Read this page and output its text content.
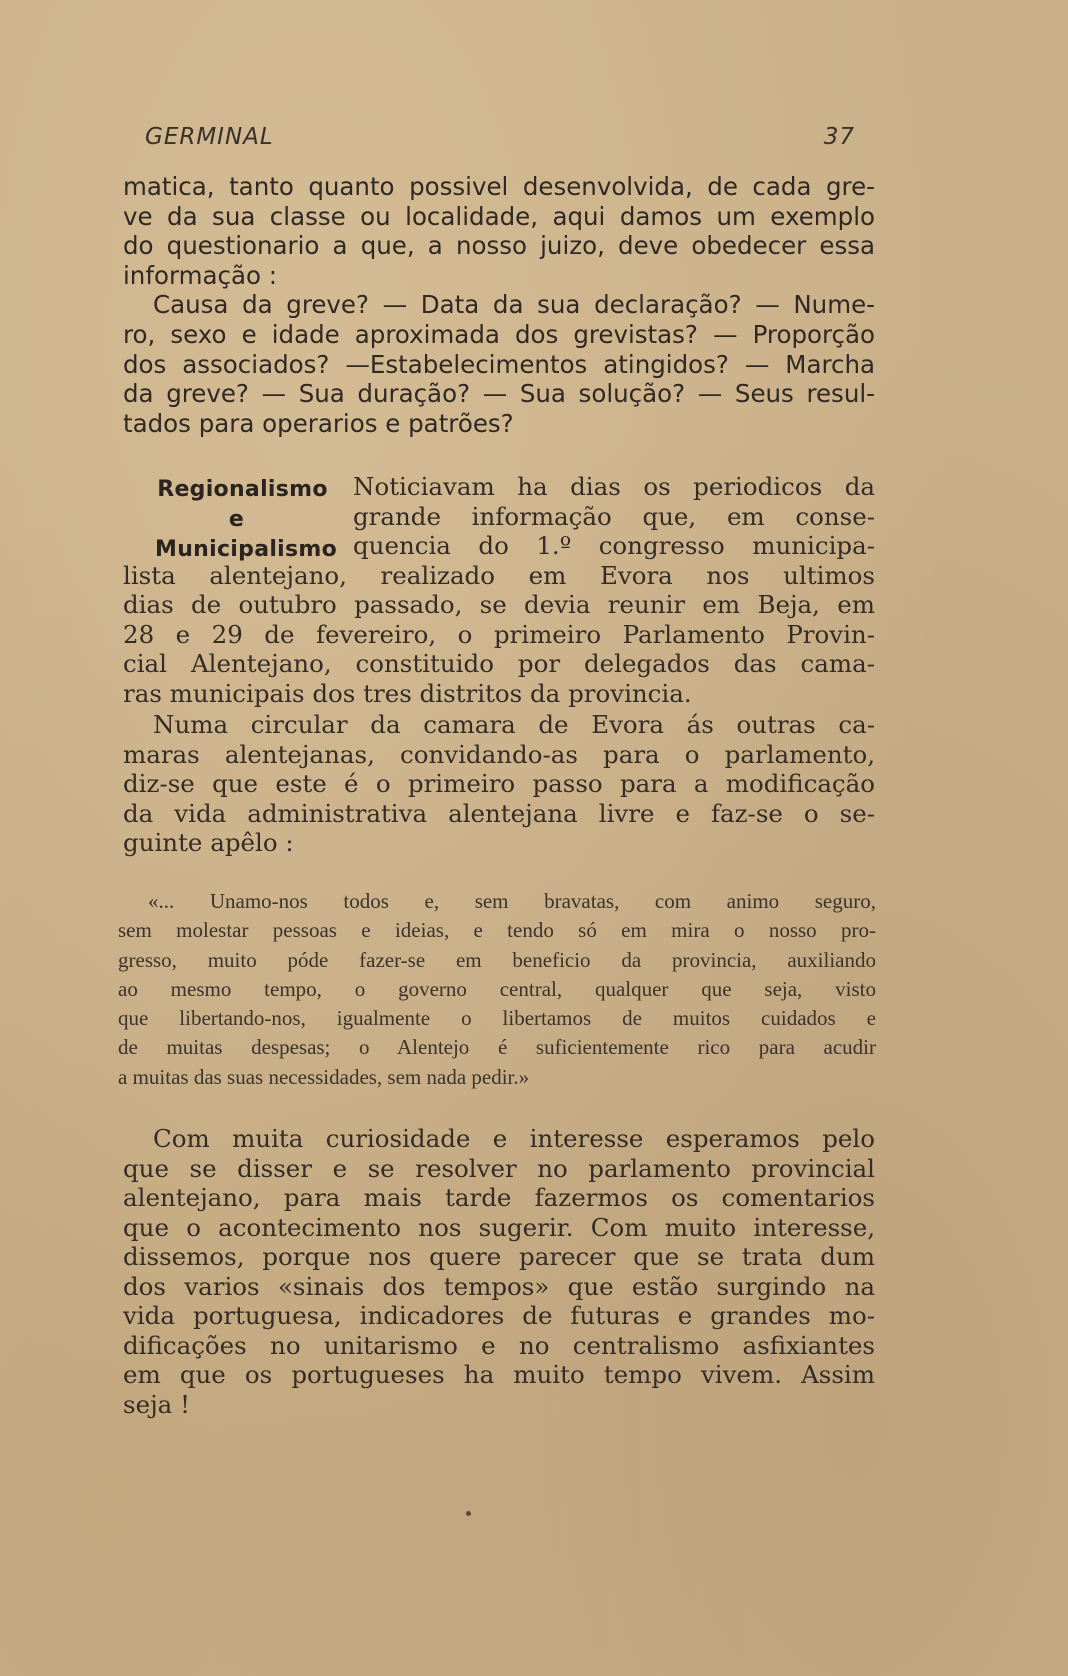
GERMINAL	37
matica, tanto quanto possivel desenvolvida, de cada gre-
ve da sua classe ou localidade, aqui damos um exemplo
do questionario a que, a nosso juizo, deve obedecer essa
informação :
Causa da greve? — Data da sua declaração? — Nume-
ro, sexo e idade aproximada dos grevistas? — Proporção
dos associados? —Estabelecimentos atingidos? — Marcha
da greve? — Sua duração? — Sua solução? — Seus resul-
tados para operarios e patrões?
Regionalismo
e
Municipalismo
Noticiavam ha dias os periodicos da
grande informação que, em conse-
quencia do 1.º congresso municipa-
lista alentejano, realizado em Evora nos ultimos
dias de outubro passado, se devia reunir em Beja, em
28 e 29 de fevereiro, o primeiro Parlamento Provin-
cial Alentejano, constituido por delegados das cama-
ras municipais dos tres distritos da provincia.
Numa circular da camara de Evora ás outras ca-
maras alentejanas, convidando-as para o parlamento,
diz-se que este é o primeiro passo para a modificação
da vida administrativa alentejana livre e faz-se o se-
guinte apêlo :
«... Unamo-nos todos e, sem bravatas, com animo seguro,
sem molestar pessoas e ideias, e tendo só em mira o nosso pro-
gresso, muito póde fazer-se em beneficio da provincia, auxiliando
ao mesmo tempo, o governo central, qualquer que seja, visto
que libertando-nos, igualmente o libertamos de muitos cuidados e
de muitas despesas; o Alentejo é suficientemente rico para acudir
a muitas das suas necessidades, sem nada pedir.»
Com muita curiosidade e interesse esperamos pelo
que se disser e se resolver no parlamento provincial
alentejano, para mais tarde fazermos os comentarios
que o acontecimento nos sugerir. Com muito interesse,
dissemos, porque nos quere parecer que se trata dum
dos varios «sinais dos tempos» que estão surgindo na
vida portuguesa, indicadores de futuras e grandes mo-
dificações no unitarismo e no centralismo asfixiantes
em que os portugueses ha muito tempo vivem. Assim
seja !
